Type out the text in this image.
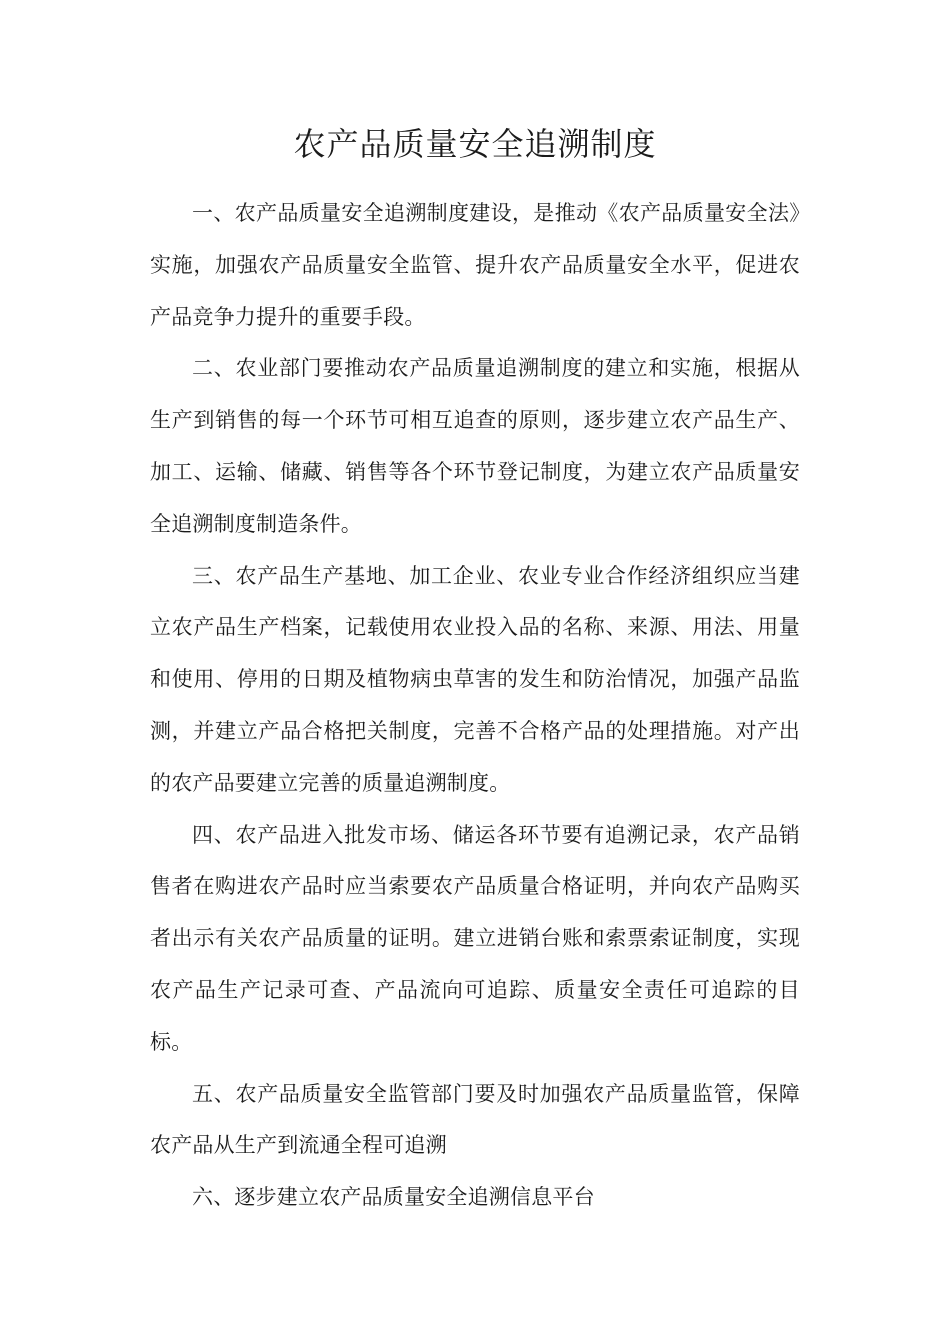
农产品质量安全追溯制度

一、农产品质量安全追溯制度建设，是推动《农产品质量安全法》实施，加强农产品质量安全监管、提升农产品质量安全水平，促进农产品竞争力提升的重要手段。

二、农业部门要推动农产品质量追溯制度的建立和实施，根据从生产到销售的每一个环节可相互追查的原则，逐步建立农产品生产、加工、运输、储藏、销售等各个环节登记制度，为建立农产品质量安全追溯制度制造条件。

三、农产品生产基地、加工企业、农业专业合作经济组织应当建立农产品生产档案，记载使用农业投入品的名称、来源、用法、用量和使用、停用的日期及植物病虫草害的发生和防治情况，加强产品监测，并建立产品合格把关制度，完善不合格产品的处理措施。对产出的农产品要建立完善的质量追溯制度。

四、农产品进入批发市场、储运各环节要有追溯记录，农产品销售者在购进农产品时应当索要农产品质量合格证明，并向农产品购买者出示有关农产品质量的证明。建立进销台账和索票索证制度，实现农产品生产记录可查、产品流向可追踪、质量安全责任可追踪的目标。

五、农产品质量安全监管部门要及时加强农产品质量监管，保障农产品从生产到流通全程可追溯

六、逐步建立农产品质量安全追溯信息平台
